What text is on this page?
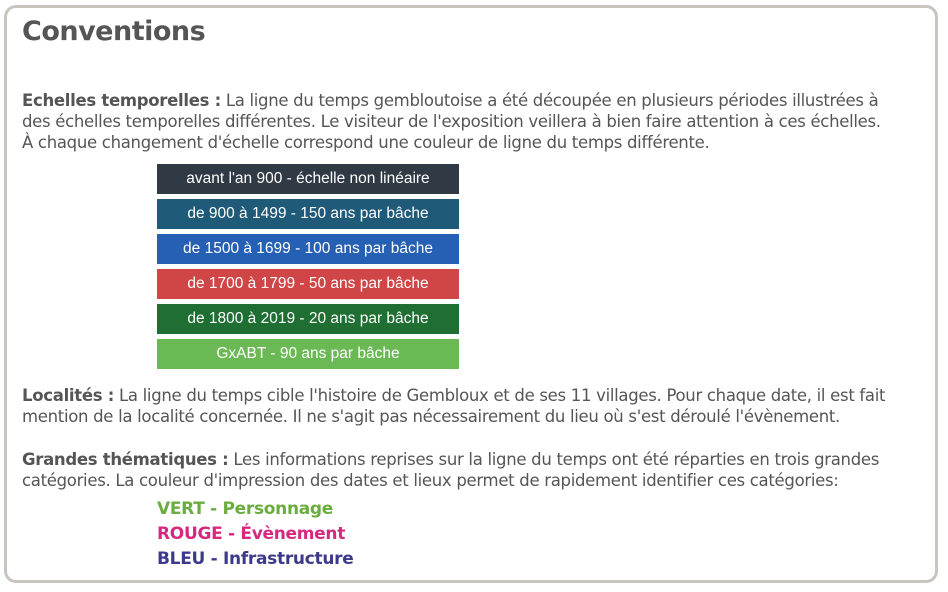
Conventions

Echelles temporelles : La ligne du temps gembloutoise a été découpée en plusieurs périodes illustrées à
des échelles temporelles différentes. Le visiteur de l'exposition veillera à bien faire attention à ces échelles.
À chaque changement d'échelle correspond une couleur de ligne du temps différente.

avant l'an 900 - échelle non linéaire
de 900 à 1499 - 150 ans par bâche
de 1500 à 1699 - 100 ans par bâche
de 1700 à 1799 - 50 ans par bâche
de 1800 à 2019 - 20 ans par bâche
GxABT - 90 ans par bâche

Localités : La ligne du temps cible l'histoire de Gembloux et de ses 11 villages. Pour chaque date, il est fait
mention de la localité concernée. Il ne s'agit pas nécessairement du lieu où s'est déroulé l'évènement.

Grandes thématiques : Les informations reprises sur la ligne du temps ont été réparties en trois grandes
catégories. La couleur d'impression des dates et lieux permet de rapidement identifier ces catégories:

VERT - Personnage

ROUGE - Évènement

BLEU - Infrastructure
